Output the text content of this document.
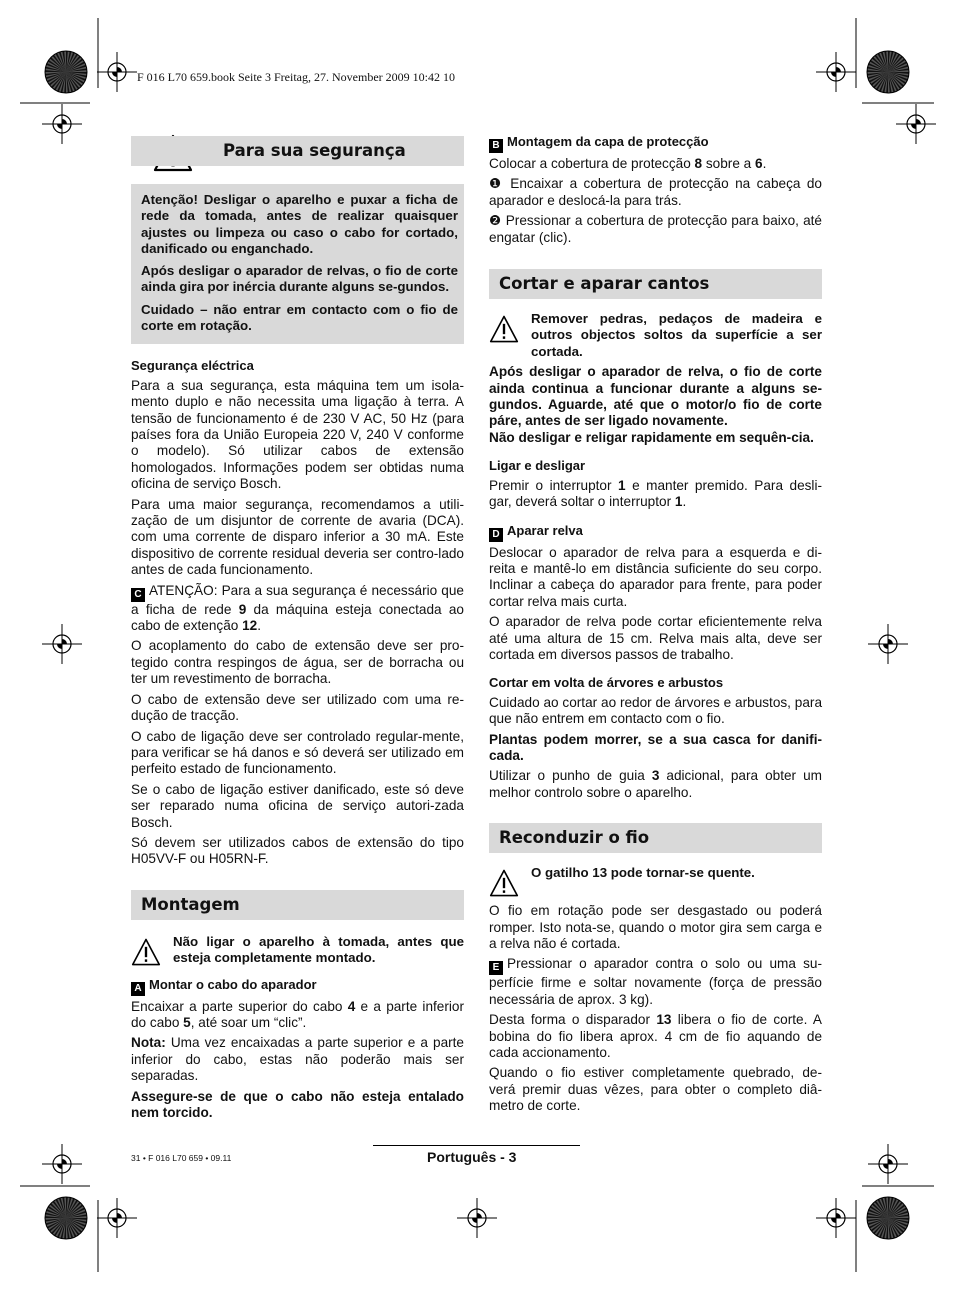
F 016 L70 659.book Seite 3 Freitag, 27. November 2009 10:42 10
Para sua segurança

Atenção! Desligar o aparelho e puxar a ficha de rede da tomada, antes de realizar quaisquer ajustes ou limpeza ou caso o cabo for cortado, danificado ou enganchado.

Após desligar o aparador de relvas, o fio de corte ainda gira por inércia durante alguns se-gundos.

Cuidado – não entrar em contacto com o fio de corte em rotação.

Segurança eléctrica

Para a sua segurança, esta máquina tem um isola-mento duplo e não necessita uma ligação à terra. A tensão de funcionamento é de 230 V AC, 50 Hz (para países fora da União Europeia 220 V, 240 V conforme o modelo). Só utilizar cabos de extensão homologados. Informações podem ser obtidas numa oficina de serviço Bosch.

Para uma maior segurança, recomendamos a utili-zação de um disjuntor de corrente de avaria (DCA). com uma corrente de disparo inferior a 30 mA. Este dispositivo de corrente residual deveria ser contro-lado antes de cada funcionamento.

C ATENÇÃO: Para a sua segurança é necessário que a ficha de rede 9 da máquina esteja conectada ao cabo de extenção 12.

O acoplamento do cabo de extensão deve ser pro-tegido contra respingos de água, ser de borracha ou ter um revestimento de borracha.

O cabo de extensão deve ser utilizado com uma re-dução de tracção.

O cabo de ligação deve ser controlado regular-mente, para verificar se há danos e só deverá ser utilizado em perfeito estado de funcionamento.

Se o cabo de ligação estiver danificado, este só deve ser reparado numa oficina de serviço autori-zada Bosch.

Só devem ser utilizados cabos de extensão do tipo H05VV-F ou H05RN-F.

Montagem
Não ligar o aparelho à tomada, antes que esteja completamente montado.
A Montar o cabo do aparador

Encaixar a parte superior do cabo 4 e a parte inferior do cabo 5, até soar um “clic”.

Nota: Uma vez encaixadas a parte superior e a parte inferior do cabo, estas não poderão mais ser separadas.

Assegure-se de que o cabo não esteja entalado nem torcido.

B Montagem da capa de protecção

Colocar a cobertura de protecção 8 sobre a 6.

❶ Encaixar a cobertura de protecção na cabeça do aparador e deslocá-la para trás.

❷ Pressionar a cobertura de protecção para baixo, até engatar (clic).

Cortar e aparar cantos
Remover pedras, pedaços de madeira e outros objectos soltos da superfície a ser cortada.

Após desligar o aparador de relva, o fio de corte ainda continua a funcionar durante a alguns se-gundos. Aguarde, até que o motor/o fio de corte páre, antes de ser ligado novamente.

Não desligar e religar rapidamente em sequên-cia.

Ligar e desligar

Premir o interruptor 1 e manter premido. Para desli-gar, deverá soltar o interruptor 1.

D Aparar relva

Deslocar o aparador de relva para a esquerda e di-reita e mantê-lo em distância suficiente do seu corpo. Inclinar a cabeça do aparador para frente, para poder cortar relva mais curta.

O aparador de relva pode cortar eficientemente relva até uma altura de 15 cm. Relva mais alta, deve ser cortada em diversos passos de trabalho.

Cortar em volta de árvores e arbustos

Cuidado ao cortar ao redor de árvores e arbustos, para que não entrem em contacto com o fio.

Plantas podem morrer, se a sua casca for danifi-cada.

Utilizar o punho de guia 3 adicional, para obter um melhor controlo sobre o aparelho.

Reconduzir o fio
O gatilho 13 pode tornar-se quente.

O fio em rotação pode ser desgastado ou poderá romper. Isto nota-se, quando o motor gira sem carga e a relva não é cortada.

E Pressionar o aparador contra o solo ou uma su-perfície firme e soltar novamente (força de pressão necessária de aprox. 3 kg).

Desta forma o disparador 13 libera o fio de corte. A bobina do fio libera aprox. 4 cm de fio aquando de cada accionamento.

Quando o fio estiver completamente quebrado, de-verá premir duas vêzes, para obter o completo diâ-metro de corte.

31 • F 016 L70 659 • 09.11	Português - 3
